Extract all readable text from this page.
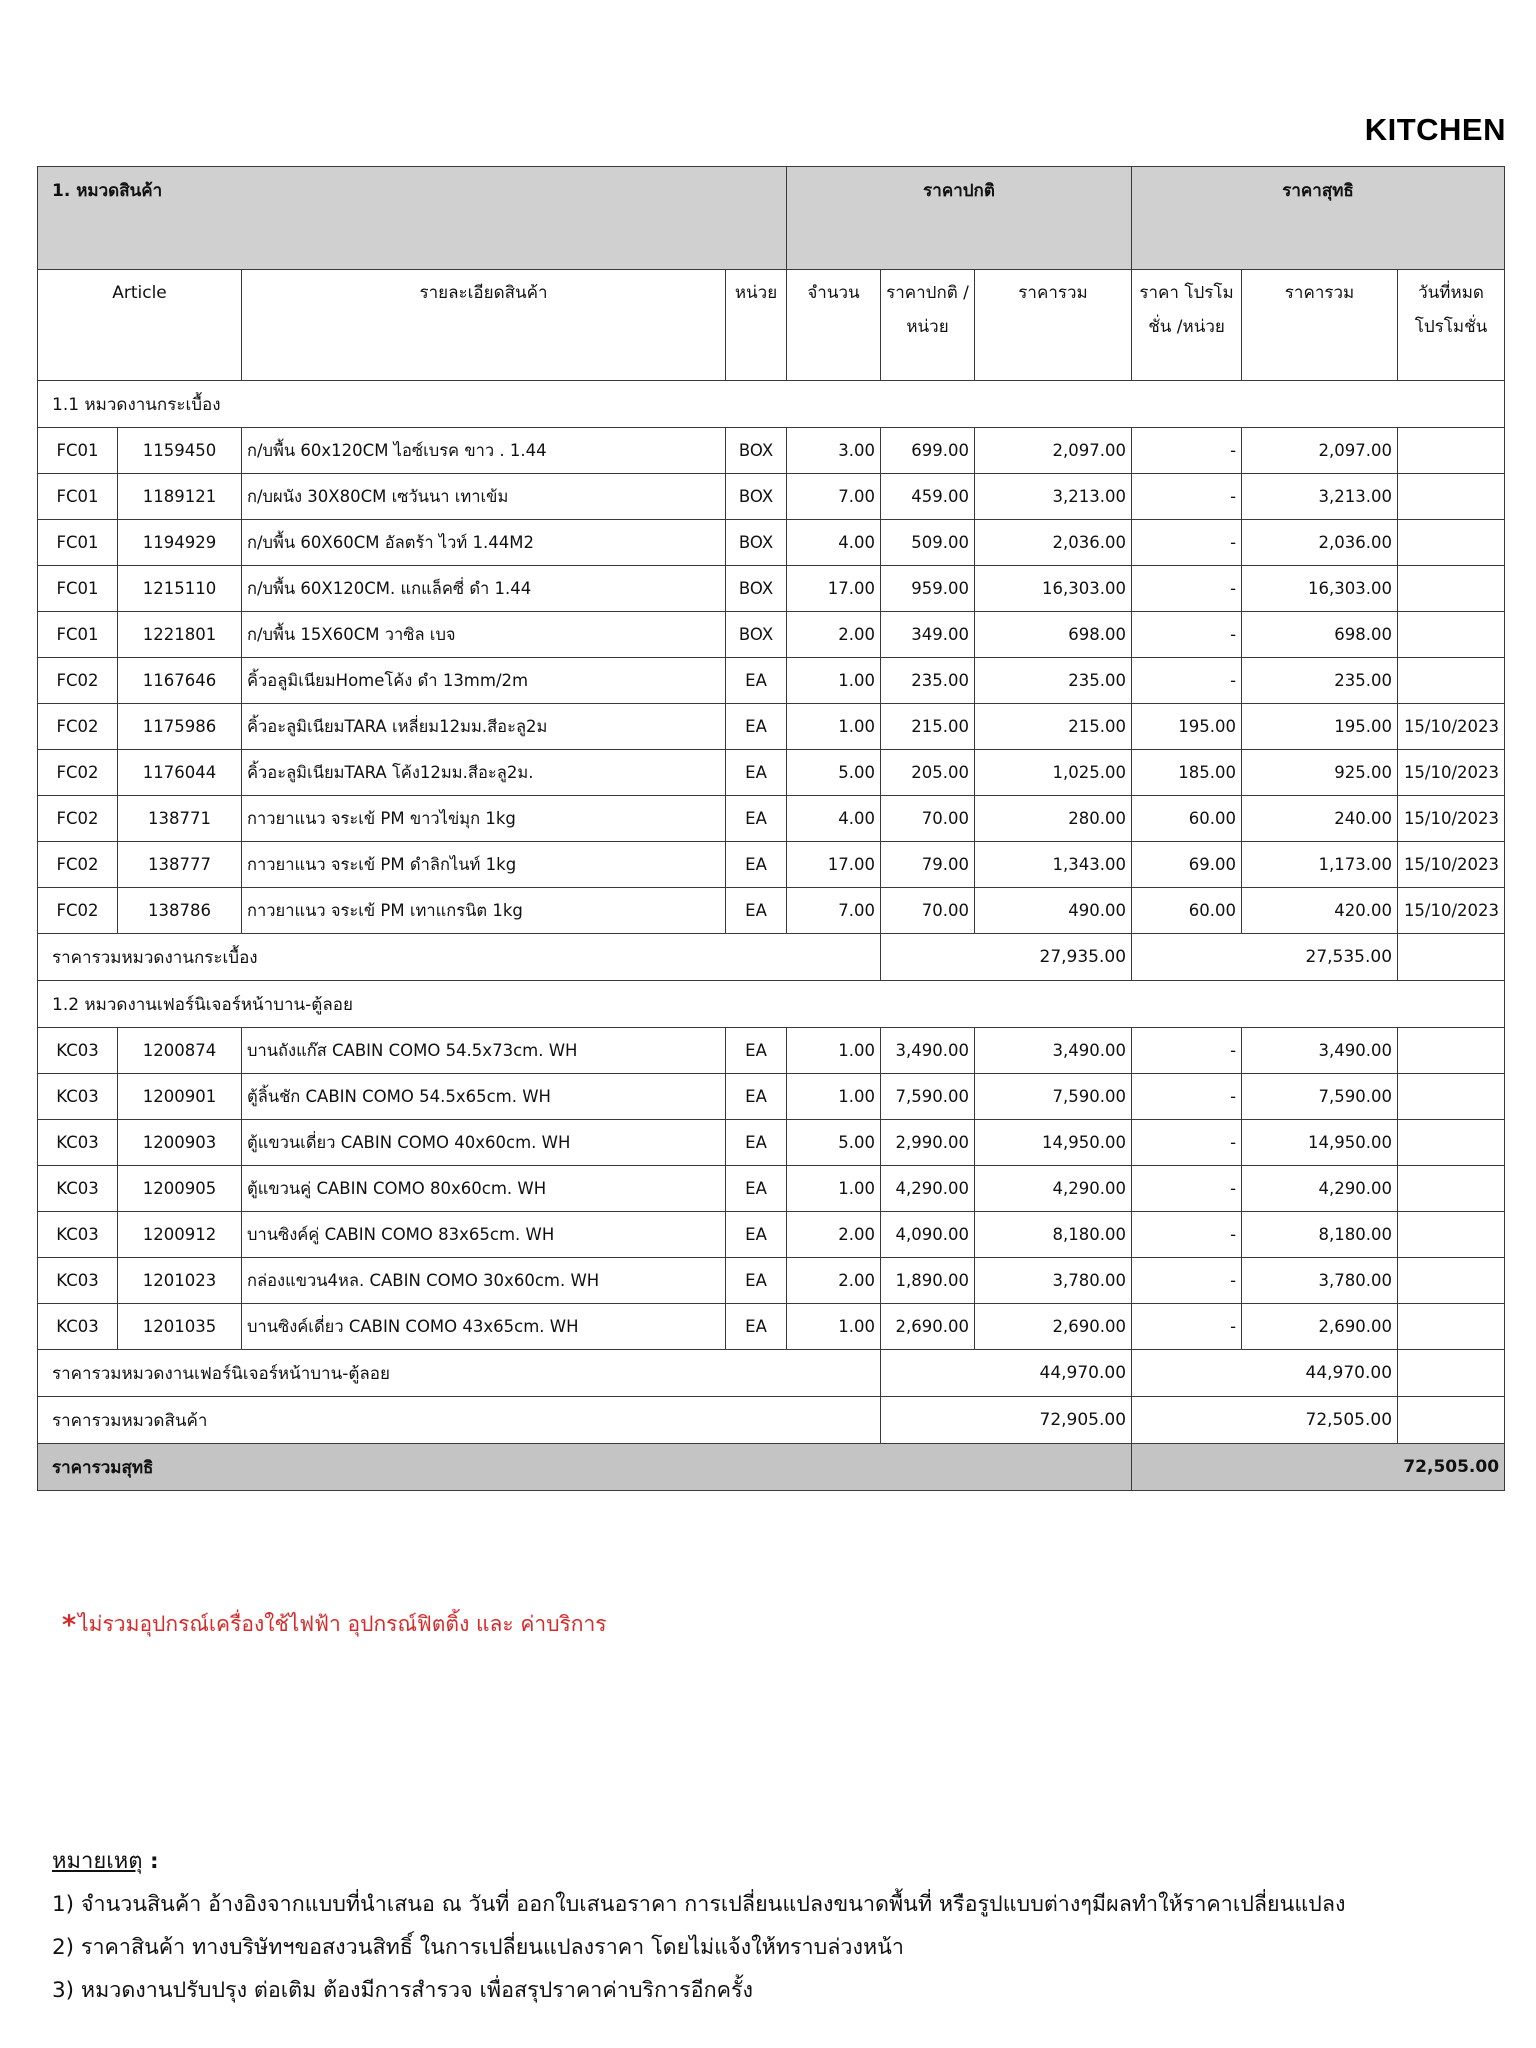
KITCHEN
1. หมวดสินค้า				ราคาปกติ			ราคาสุทธิ		
Article		รายละเอียดสินค้า	หน่วย	จำนวน	ราคาปกติ /หน่วย	ราคารวม	ราคา โปรโมชั่น /หน่วย	ราคารวม	วันที่หมด โปรโมชั่น
1.1 หมวดงานกระเบื้อง									
FC01	1159450	ก/บพื้น 60x120CM ไอซ์เบรค ขาว . 1.44	BOX	3.00	699.00	2,097.00	-	2,097.00	
FC01	1189121	ก/บผนัง 30X80CM เซวันนา เทาเข้ม	BOX	7.00	459.00	3,213.00	-	3,213.00	
FC01	1194929	ก/บพื้น 60X60CM อัลตร้า ไวท์ 1.44M2	BOX	4.00	509.00	2,036.00	-	2,036.00	
FC01	1215110	ก/บพื้น 60X120CM. แกแล็คซี่ ดำ 1.44	BOX	17.00	959.00	16,303.00	-	16,303.00	
FC01	1221801	ก/บพื้น 15X60CM วาซิล เบจ	BOX	2.00	349.00	698.00	-	698.00	
FC02	1167646	คิ้วอลูมิเนียมHomeโค้ง ดำ 13mm/2m	EA	1.00	235.00	235.00	-	235.00	
FC02	1175986	คิ้วอะลูมิเนียมTARA เหลี่ยม12มม.สีอะลู2ม	EA	1.00	215.00	215.00	195.00	195.00	15/10/2023
FC02	1176044	คิ้วอะลูมิเนียมTARA โค้ง12มม.สีอะลู2ม.	EA	5.00	205.00	1,025.00	185.00	925.00	15/10/2023
FC02	138771	กาวยาแนว จระเข้ PM ขาวไข่มุก 1kg	EA	4.00	70.00	280.00	60.00	240.00	15/10/2023
FC02	138777	กาวยาแนว จระเข้ PM ดำลิกไนท์ 1kg	EA	17.00	79.00	1,343.00	69.00	1,173.00	15/10/2023
FC02	138786	กาวยาแนว จระเข้ PM เทาแกรนิต 1kg	EA	7.00	70.00	490.00	60.00	420.00	15/10/2023
ราคารวมหมวดงานกระเบื้อง					27,935.00		27,535.00		
1.2 หมวดงานเฟอร์นิเจอร์หน้าบาน-ตู้ลอย									
KC03	1200874	บานถังแก๊ส CABIN COMO 54.5x73cm. WH	EA	1.00	3,490.00	3,490.00	-	3,490.00	
KC03	1200901	ตู้ลิ้นชัก CABIN COMO 54.5x65cm. WH	EA	1.00	7,590.00	7,590.00	-	7,590.00	
KC03	1200903	ตู้แขวนเดี่ยว CABIN COMO 40x60cm. WH	EA	5.00	2,990.00	14,950.00	-	14,950.00	
KC03	1200905	ตู้แขวนคู่ CABIN COMO 80x60cm. WH	EA	1.00	4,290.00	4,290.00	-	4,290.00	
KC03	1200912	บานซิงค์คู่ CABIN COMO 83x65cm. WH	EA	2.00	4,090.00	8,180.00	-	8,180.00	
KC03	1201023	กล่องแขวน4หล. CABIN COMO 30x60cm. WH	EA	2.00	1,890.00	3,780.00	-	3,780.00	
KC03	1201035	บานซิงค์เดี่ยว CABIN COMO 43x65cm. WH	EA	1.00	2,690.00	2,690.00	-	2,690.00	
ราคารวมหมวดงานเฟอร์นิเจอร์หน้าบาน-ตู้ลอย					44,970.00		44,970.00		
ราคารวมหมวดสินค้า					72,905.00		72,505.00		
ราคารวมสุทธิ							72,505.00		
*ไม่รวมอุปกรณ์เครื่องใช้ไฟฟ้า อุปกรณ์ฟิตติ้ง และ ค่าบริการ
หมายเหตุ :
1) จำนวนสินค้า อ้างอิงจากแบบที่นำเสนอ ณ วันที่ ออกใบเสนอราคา การเปลี่ยนแปลงขนาดพื้นที่ หรือรูปแบบต่างๆมีผลทำให้ราคาเปลี่ยนแปลง
2) ราคาสินค้า ทางบริษัทฯขอสงวนสิทธิ์ ในการเปลี่ยนแปลงราคา โดยไม่แจ้งให้ทราบล่วงหน้า
3) หมวดงานปรับปรุง ต่อเติม ต้องมีการสำรวจ เพื่อสรุปราคาค่าบริการอีกครั้ง
